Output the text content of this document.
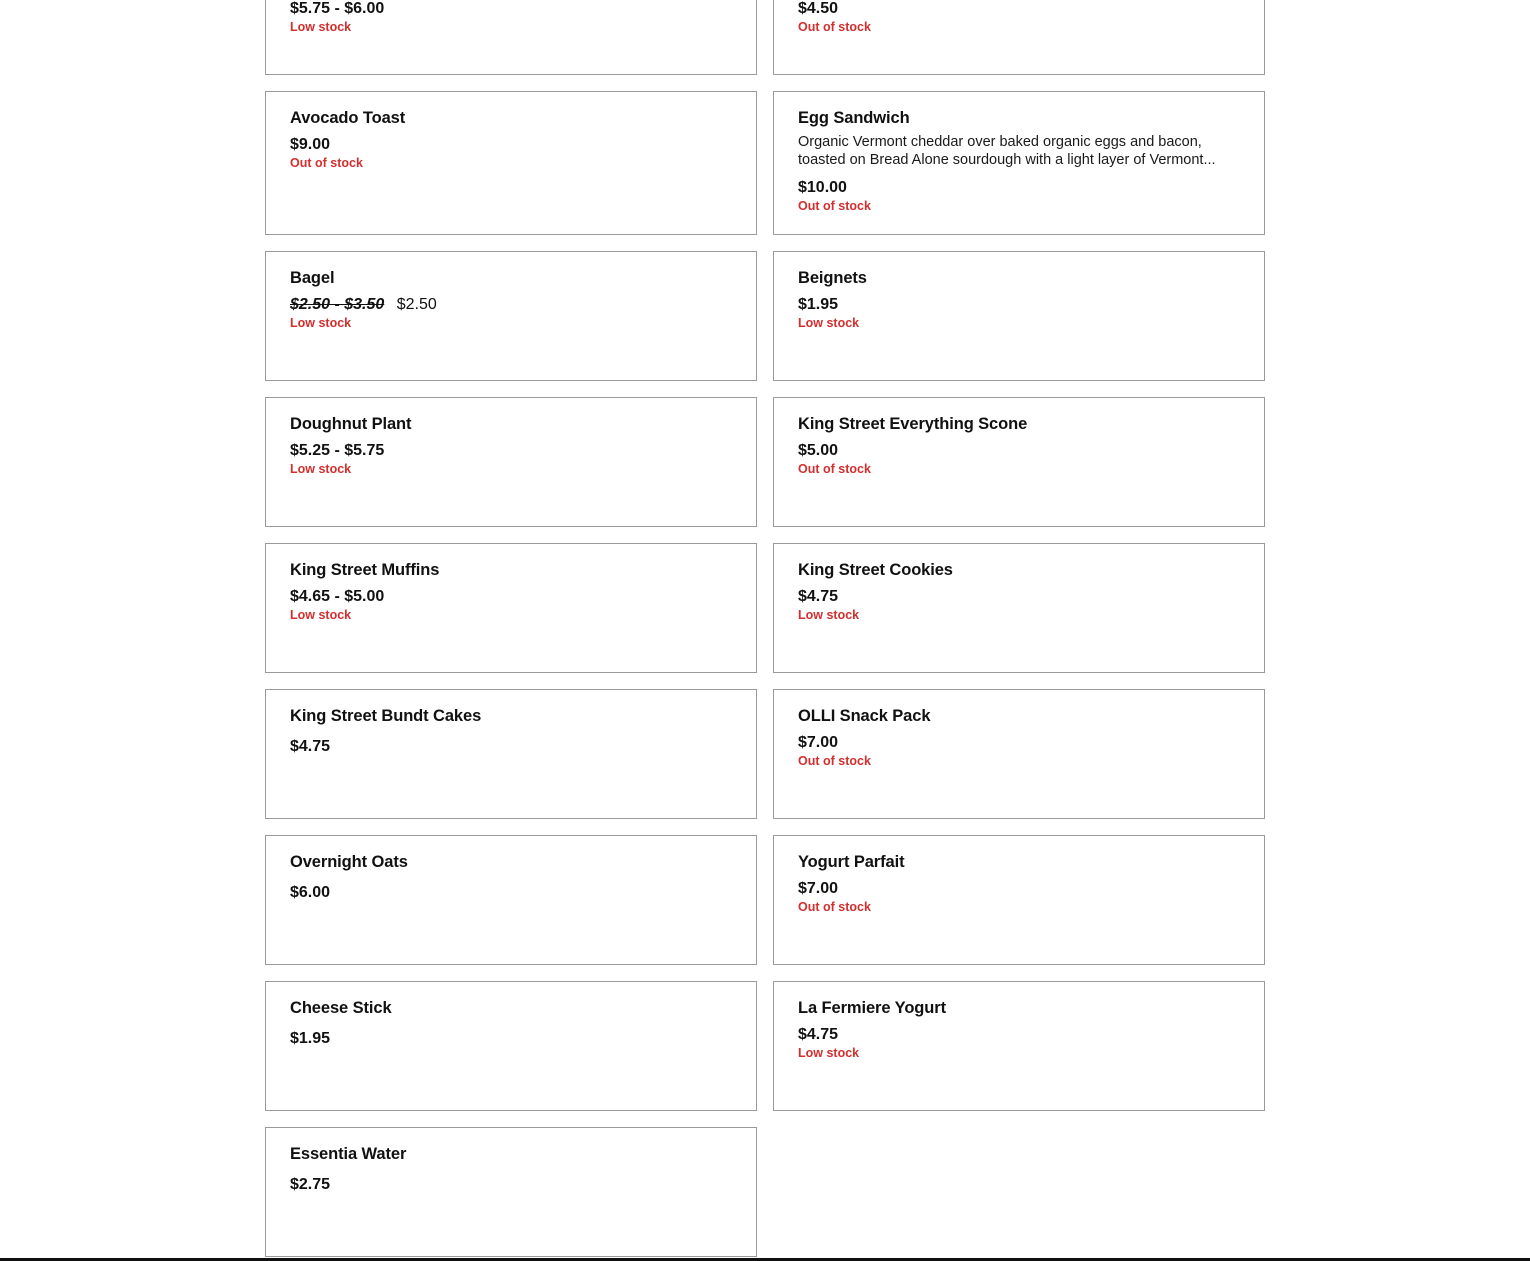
$5.75 - $6.00
Low stock
$4.50
Out of stock
Avocado Toast
$9.00
Out of stock
Egg Sandwich
Organic Vermont cheddar over baked organic eggs and bacon,
toasted on Bread Alone sourdough with a light layer of Vermont...
$10.00
Out of stock
Bagel
$2.50 - $3.50 $2.50
Low stock
Beignets
$1.95
Low stock
Doughnut Plant
$5.25 - $5.75
Low stock
King Street Everything Scone
$5.00
Out of stock
King Street Muffins
$4.65 - $5.00
Low stock
King Street Cookies
$4.75
Low stock
King Street Bundt Cakes
$4.75
OLLI Snack Pack
$7.00
Out of stock
Overnight Oats
$6.00
Yogurt Parfait
$7.00
Out of stock
Cheese Stick
$1.95
La Fermiere Yogurt
$4.75
Low stock
Essentia Water
$2.75
